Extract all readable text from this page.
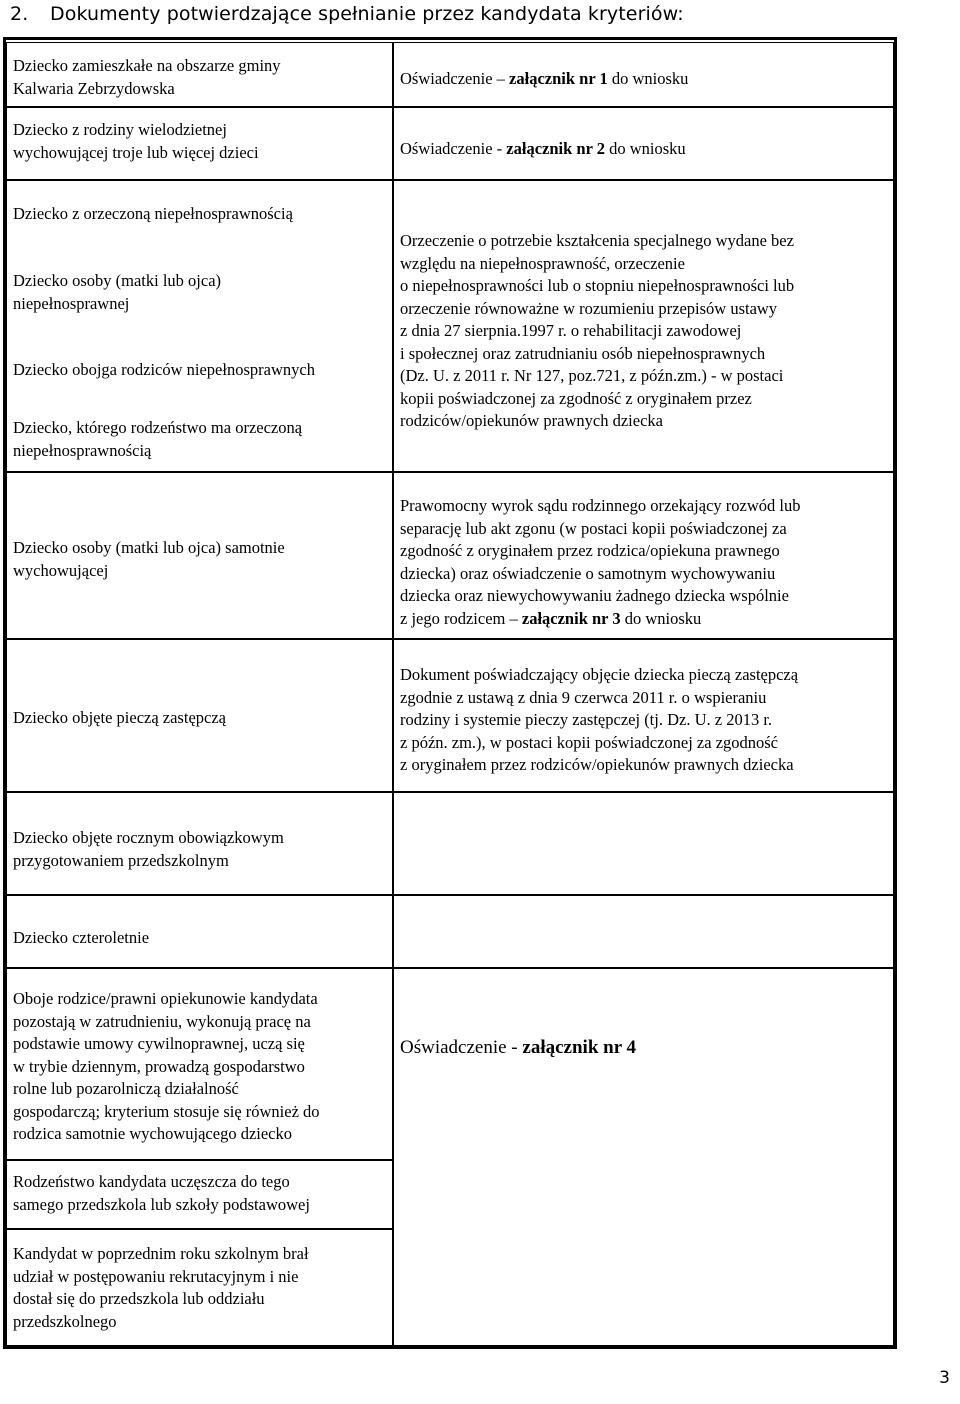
2. Dokumenty potwierdzające spełnianie przez kandydata kryteriów:
Dziecko zamieszkałe na obszarze gminy
Kalwaria Zebrzydowska
Dziecko z rodziny wielodzietnej
wychowującej troje lub więcej dzieci
Dziecko z orzeczoną niepełnosprawnością
Dziecko osoby (matki lub ojca)
niepełnosprawnej
Dziecko obojga rodziców niepełnosprawnych
Dziecko, którego rodzeństwo ma orzeczoną
niepełnosprawnością
Dziecko osoby (matki lub ojca) samotnie
wychowującej
Dziecko objęte pieczą zastępczą
Dziecko objęte rocznym obowiązkowym
przygotowaniem przedszkolnym
Dziecko czteroletnie
Oboje rodzice/prawni opiekunowie kandydata
pozostają w zatrudnieniu, wykonują pracę na
podstawie umowy cywilnoprawnej, uczą się
w trybie dziennym, prowadzą gospodarstwo
rolne lub pozarolniczą działalność
gospodarczą; kryterium stosuje się również do
rodzica samotnie wychowującego dziecko
Rodzeństwo kandydata uczęszcza do tego
samego przedszkola lub szkoły podstawowej
Kandydat w poprzednim roku szkolnym brał
udział w postępowaniu rekrutacyjnym i nie
dostał się do przedszkola lub oddziału
przedszkolnego
Oświadczenie – załącznik nr 1 do wniosku
Oświadczenie - załącznik nr 2 do wniosku
Orzeczenie o potrzebie kształcenia specjalnego wydane bez
względu na niepełnosprawność, orzeczenie
o niepełnosprawności lub o stopniu niepełnosprawności lub
orzeczenie równoważne w rozumieniu przepisów ustawy
z dnia 27 sierpnia.1997 r. o rehabilitacji zawodowej
i społecznej oraz zatrudnianiu osób niepełnosprawnych
(Dz. U. z 2011 r. Nr 127, poz.721, z późn.zm.) - w postaci
kopii poświadczonej za zgodność z oryginałem przez
rodziców/opiekunów prawnych dziecka
Prawomocny wyrok sądu rodzinnego orzekający rozwód lub
separację lub akt zgonu (w postaci kopii poświadczonej za
zgodność z oryginałem przez rodzica/opiekuna prawnego
dziecka) oraz oświadczenie o samotnym wychowywaniu
dziecka oraz niewychowywaniu żadnego dziecka wspólnie
z jego rodzicem – załącznik nr 3 do wniosku
Dokument poświadczający objęcie dziecka pieczą zastępczą
zgodnie z ustawą z dnia 9 czerwca 2011 r. o wspieraniu
rodziny i systemie pieczy zastępczej (tj. Dz. U. z 2013 r.
z późn. zm.), w postaci kopii poświadczonej za zgodność
z oryginałem przez rodziców/opiekunów prawnych dziecka
Oświadczenie - załącznik nr 4
3
